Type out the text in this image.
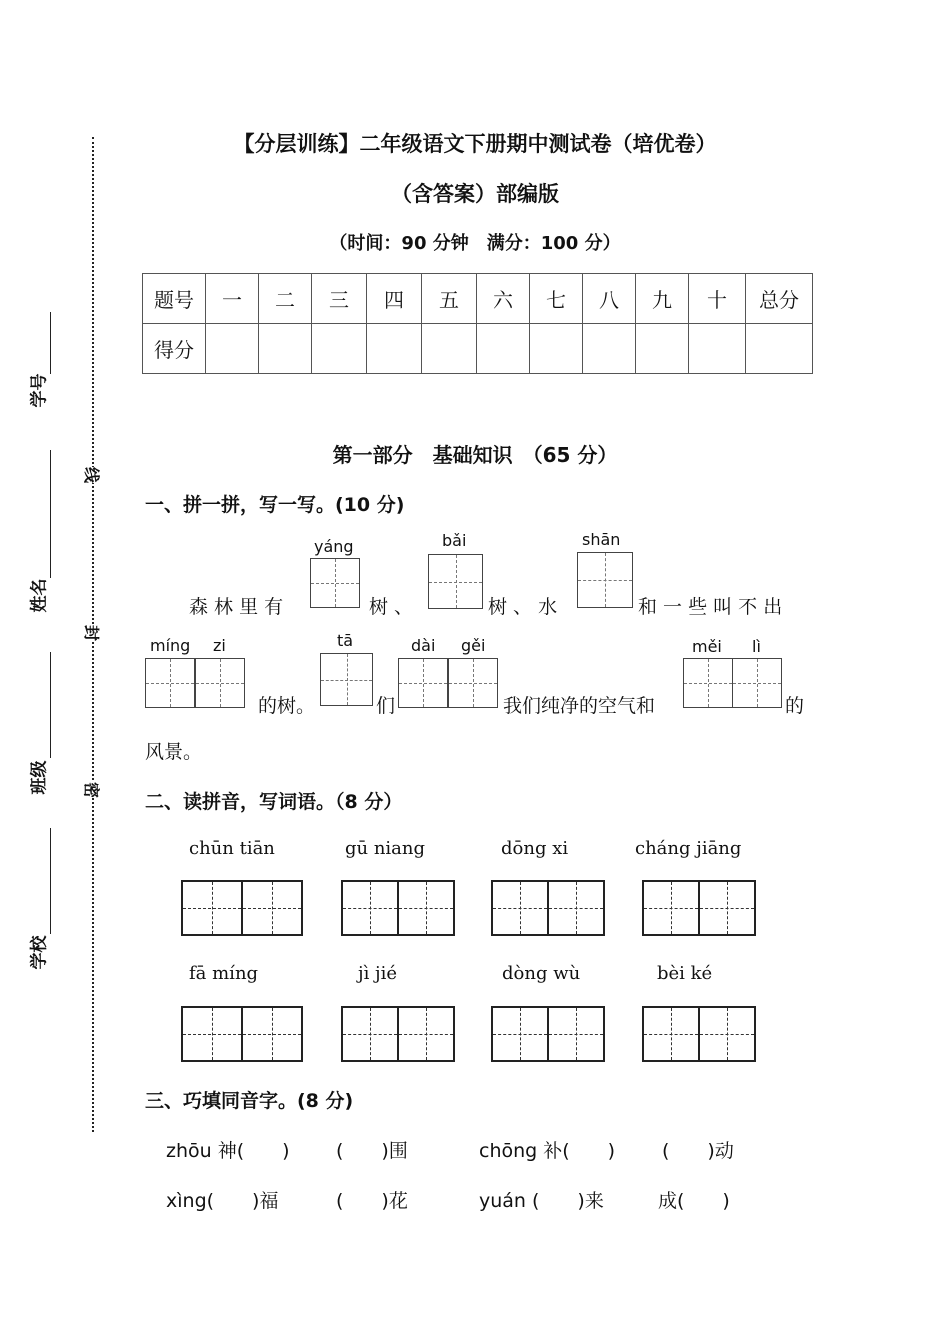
学号
姓名
班级
学校
线
封
密
【分层训练】二年级语文下册期中测试卷（培优卷）
（含答案）部编版
（时间：90 分钟　满分：100 分）
题号	一	二	三	四	五	六	七	八	九	十	总分
得分											
第一部分　基础知识　（65 分）
一、拼一拼，写一写。(10 分)
yáng	bǎi	shān
míng zi	tā	dài gěi	měi lì
森 林 里 有	树 、	树 、 水	和 一 些 叫 不 出
的树。	们	我们纯净的空气和	的
风景。
二、读拼音，写词语。（8 分）
chūn tiān	gū niang	dōng xi	cháng jiāng
fā míng	jì jié	dòng wù	bèi ké
三、巧填同音字。(8 分)
zhōu 神(　　) (　　)围	chōng 补(　　) (　　)动
xìng(　　)福	(　　)花	yuán (　　)来	成(　　)
